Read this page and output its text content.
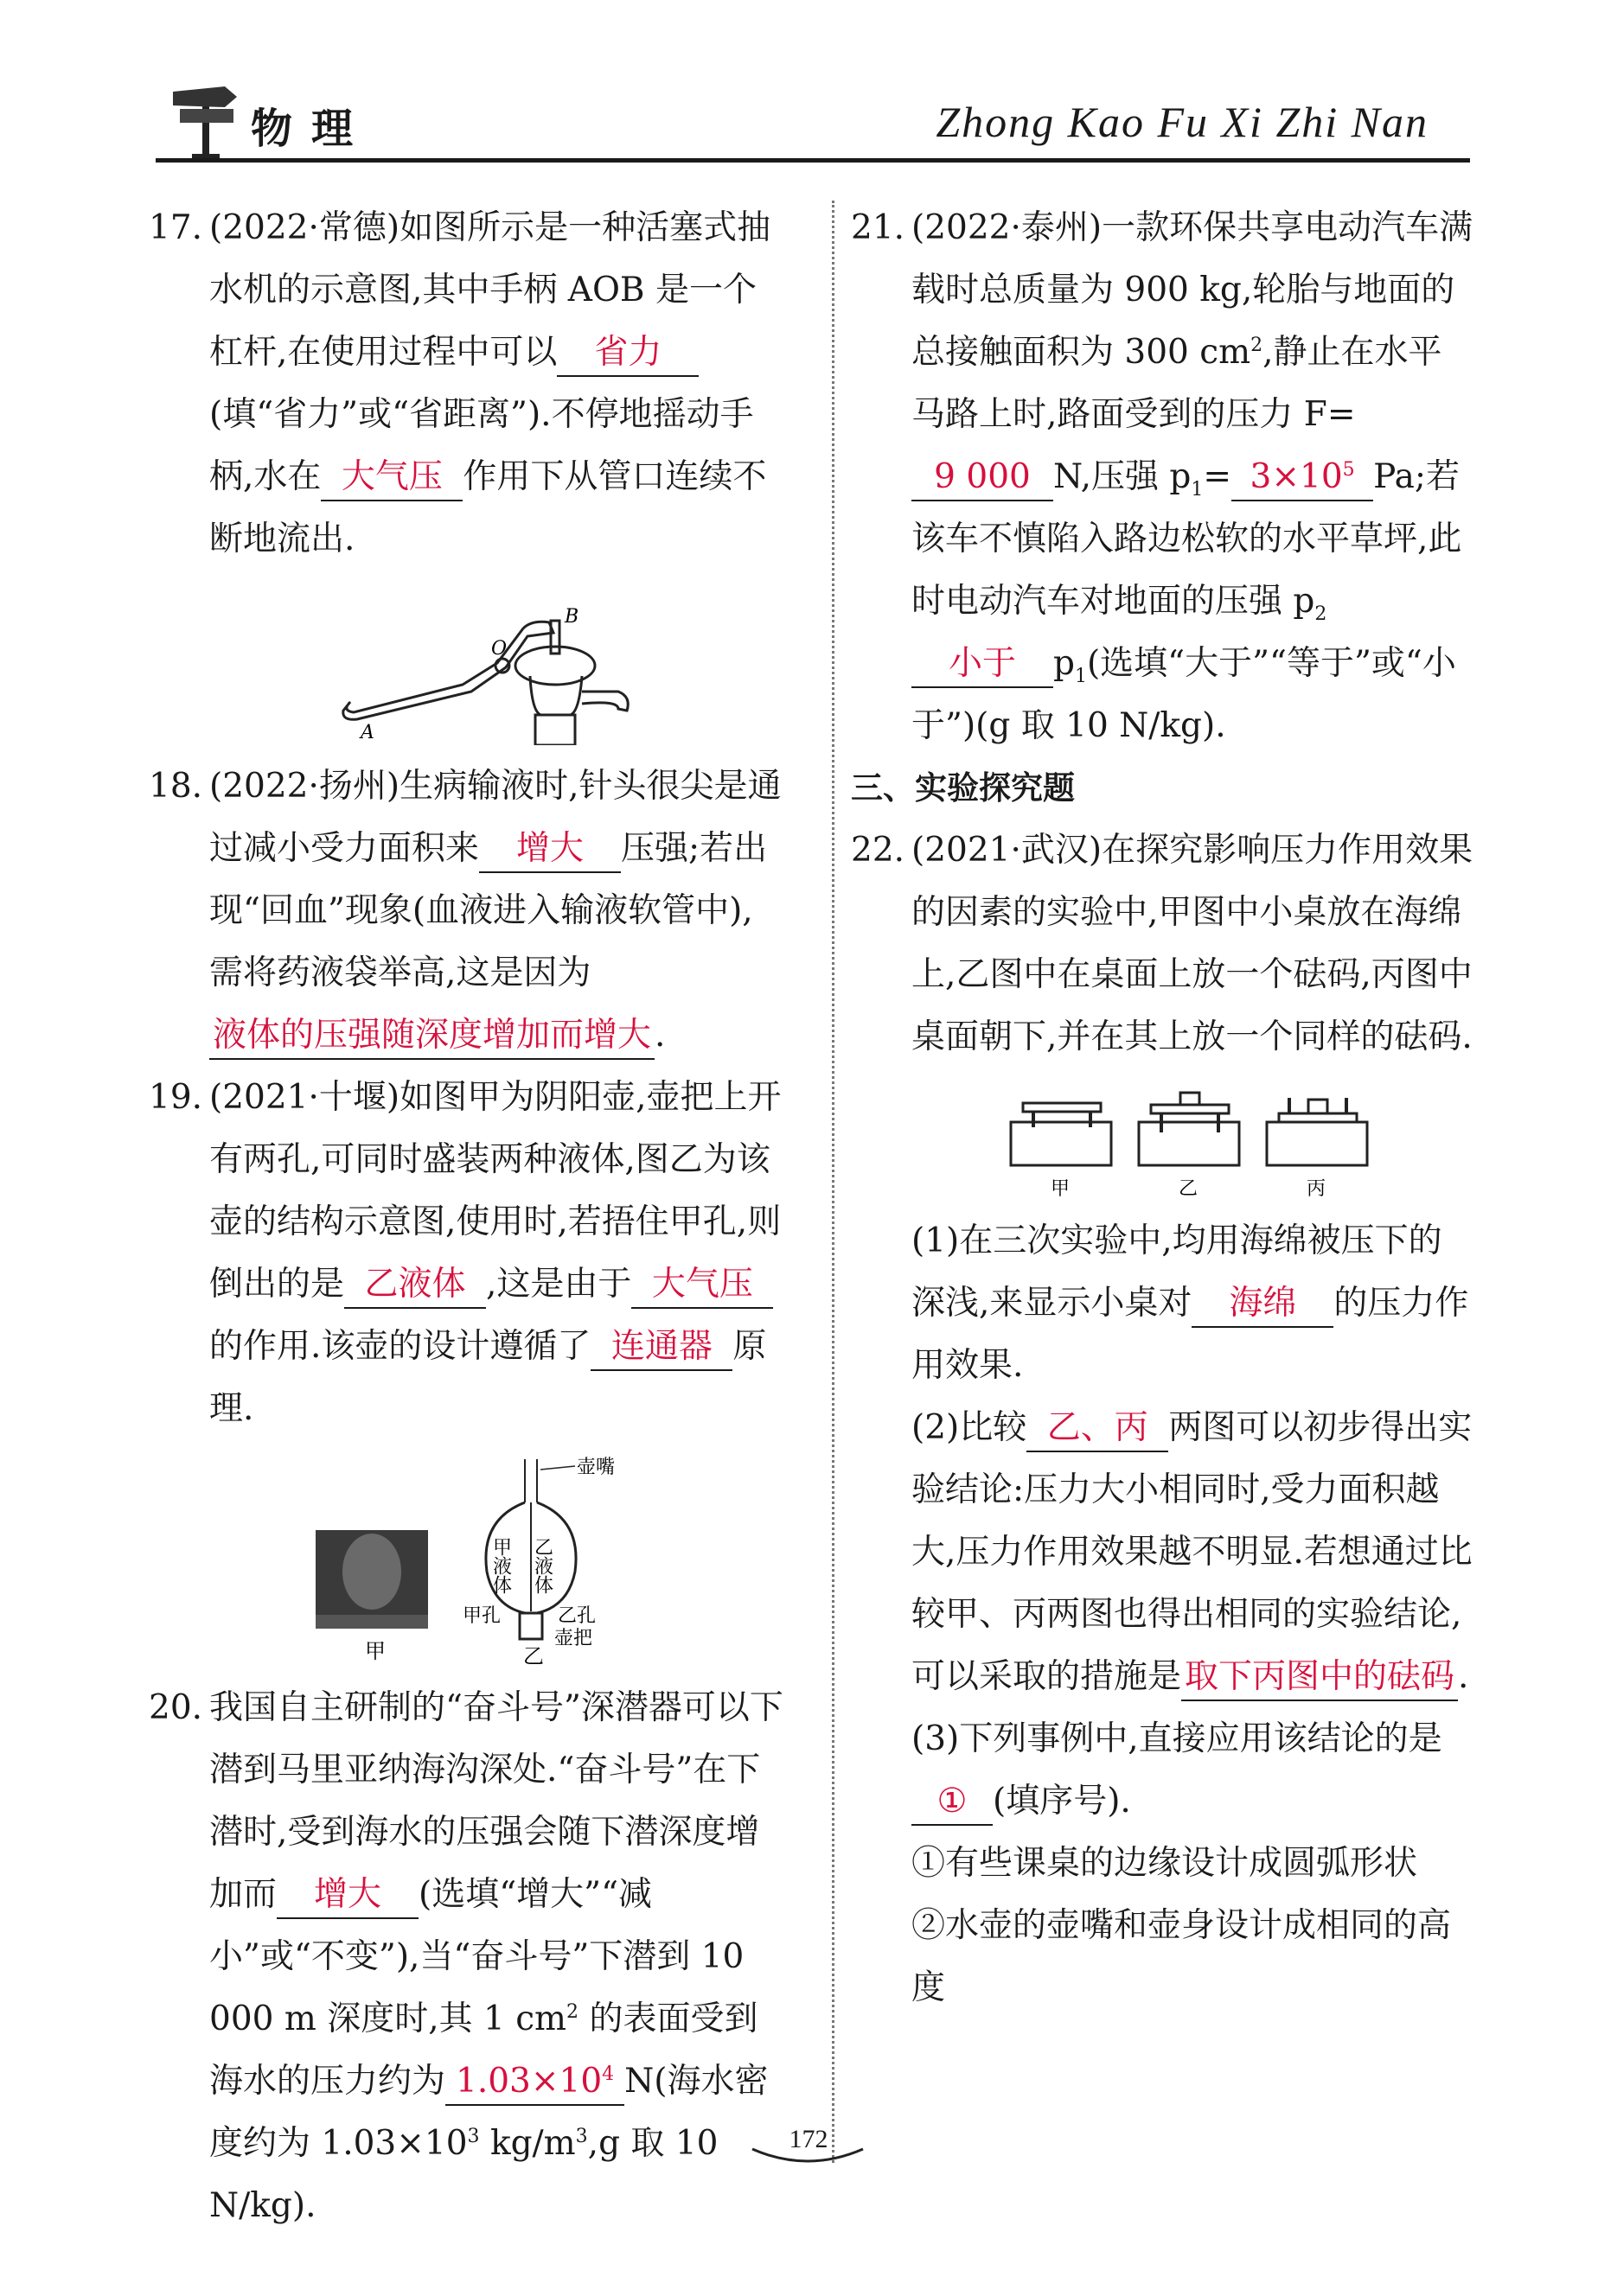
物理	Zhong Kao Fu Xi Zhi Nan
17. (2022·常德)如图所示是一种活塞式抽水机的示意图,其中手柄 AOB 是一个杠杆,在使用过程中可以 省力(填“省力”或“省距离”).不停地摇动手柄,水在 大气压 作用下从管口连续不断地流出.
O
B
A
18. (2022·扬州)生病输液时,针头很尖是通过减小受力面积来 增大 压强;若出现“回血”现象(血液进入输液软管中),需将药液袋举高,这是因为液体的压强随深度增加而增大 .
19. (2021·十堰)如图甲为阴阳壶,壶把上开有两孔,可同时盛装两种液体,图乙为该壶的结构示意图,使用时,若捂住甲孔,则倒出的是 乙液体 ,这是由于 大气压的作用.该壶的设计遵循了 连通器 原理.
甲
壶嘴
甲液体 乙液体
甲孔	乙孔
壶把
乙
20. 我国自主研制的“奋斗号”深潜器可以下潜到马里亚纳海沟深处.“奋斗号”在下潜时,受到海水的压强会随下潜深度增加而 增大 (选填“增大”“减小”或“不变”),当“奋斗号”下潜到 10 000 m 深度时,其 1 $cm^2$ 的表面受到海水的压力约为 $1.03\times 10^4$ N(海水密度约为 $1.03\times 10^3$ $kg/m^3,g$ 取 10 N/kg).
21. (2022·泰州)一款环保共享电动汽车满载时总质量为 900 kg,轮胎与地面的总接触面积为 300 $cm^2$,静止在水平马路上时,路面受到的压力 F=9 000 N,压强 $p_1= 3\times 10^5$ Pa;若该车不慎陷入路边松软的水平草坪,此时电动汽车对地面的压强 $p_2$
小于 $p_1$(选填“大于”“等于”或“小于”)(g 取 10 N/kg).
三、实验探究题
22. (2021·武汉)在探究影响压力作用效果的因素的实验中,甲图中小桌放在海绵上,乙图中在桌面上放一个砝码,丙图中桌面朝下,并在其上放一个同样的砝码.
甲	乙	丙
(1)在三次实验中,均用海绵被压下的深浅,来显示小桌对 海绵 的压力作用效果.
(2)比较 乙、丙 两图可以初步得出实验结论:压力大小相同时,受力面积越大,压力作用效果越不明显.若想通过比较甲、丙两图也得出相同的实验结论,可以采取的措施是 取下丙图中的砝码 .
(3)下列事例中,直接应用该结论的是
① (填序号).
①有些课桌的边缘设计成圆弧形状
②水壶的壶嘴和壶身设计成相同的高度
172
